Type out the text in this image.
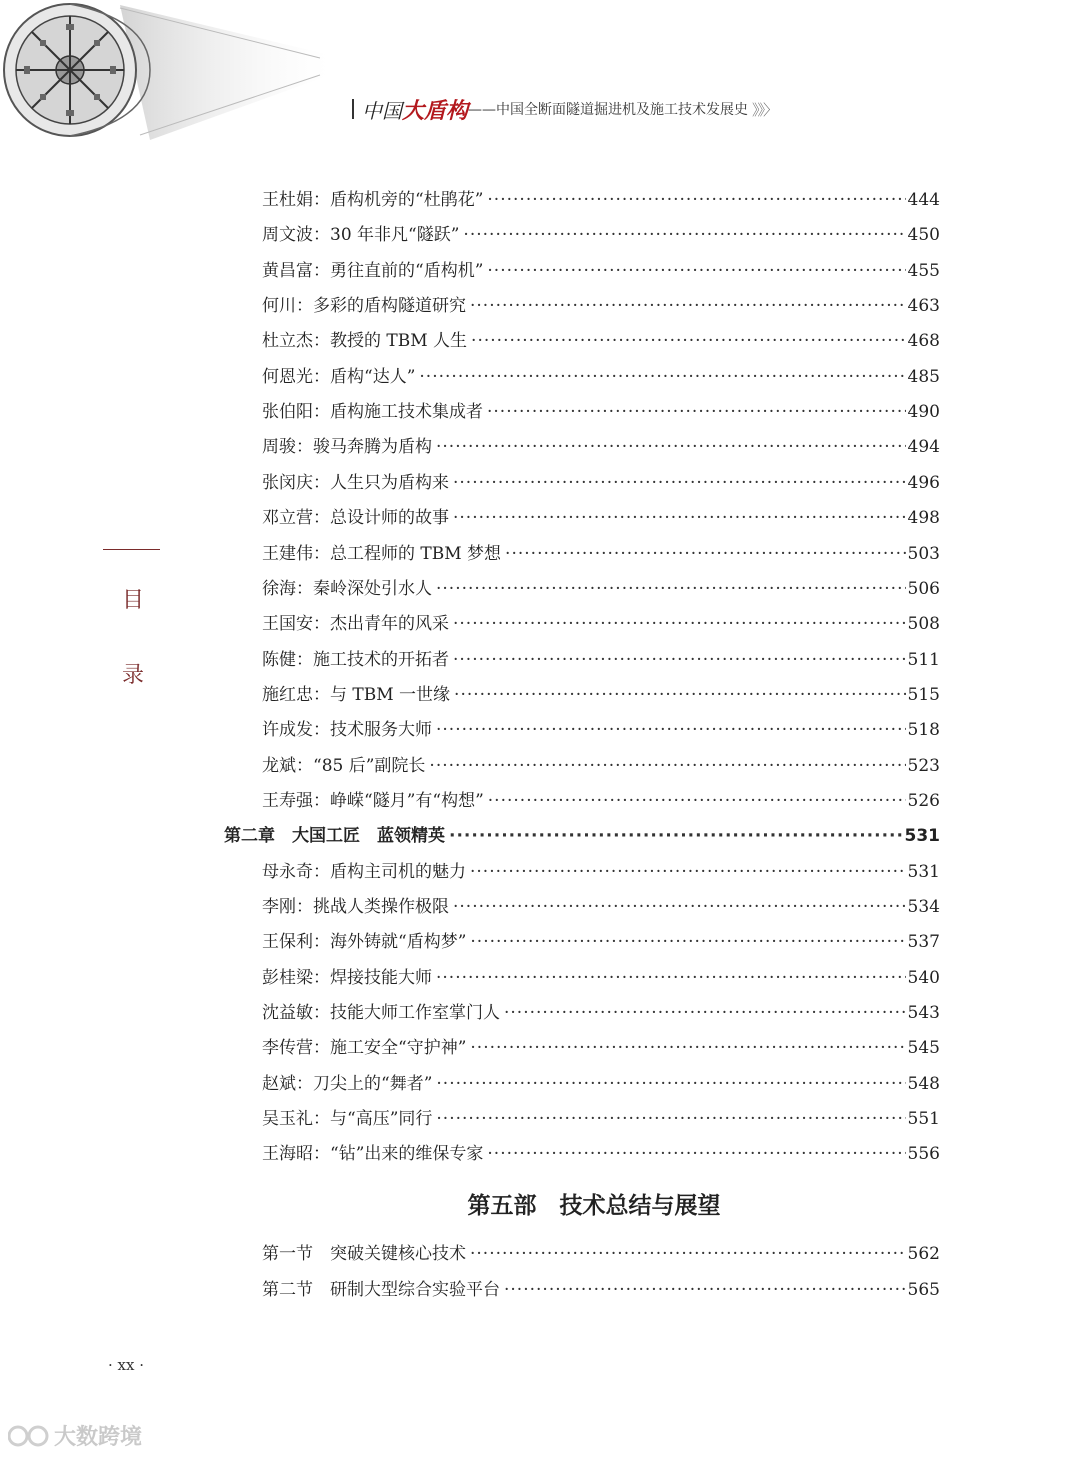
中国 大盾构 ——中国全断面隧道掘进机及施工技术发展史 》》〉
目
录
王杜娟：盾构机旁的“杜鹃花” ·····	444
周文波：30 年非凡“隧跃” ·····	450
黄昌富：勇往直前的“盾构机” ·····	455
何川：多彩的盾构隧道研究 ·····	463
杜立杰：教授的 TBM 人生 ·····	468
何恩光：盾构“达人” ·····	485
张伯阳：盾构施工技术集成者 ·····	490
周骏：骏马奔腾为盾构 ·····	494
张闵庆：人生只为盾构来 ·····	496
邓立营：总设计师的故事 ·····	498
王建伟：总工程师的 TBM 梦想 ·····	503
徐海：秦岭深处引水人 ·····	506
王国安：杰出青年的风采 ·····	508
陈健：施工技术的开拓者 ·····	511
施红忠：与 TBM 一世缘 ·····	515
许成发：技术服务大师 ·····	518
龙斌：“85 后”副院长 ·····	523
王寿强：峥嵘“隧月”有“构想” ·····	526
第二章　大国工匠　蓝领精英 ·····	531
母永奇：盾构主司机的魅力 ·····	531
李刚：挑战人类操作极限 ·····	534
王保利：海外铸就“盾构梦” ·····	537
彭桂梁：焊接技能大师 ·····	540
沈益敏：技能大师工作室掌门人 ·····	543
李传营：施工安全“守护神” ·····	545
赵斌：刀尖上的“舞者” ·····	548
吴玉礼：与“高压”同行 ·····	551
王海昭：“钻”出来的维保专家 ·····	556
第一节　突破关键核心技术 ·····	562
第二节　研制大型综合实验平台 ·····	565
第五部　技术总结与展望
· xx ·
大数跨境
